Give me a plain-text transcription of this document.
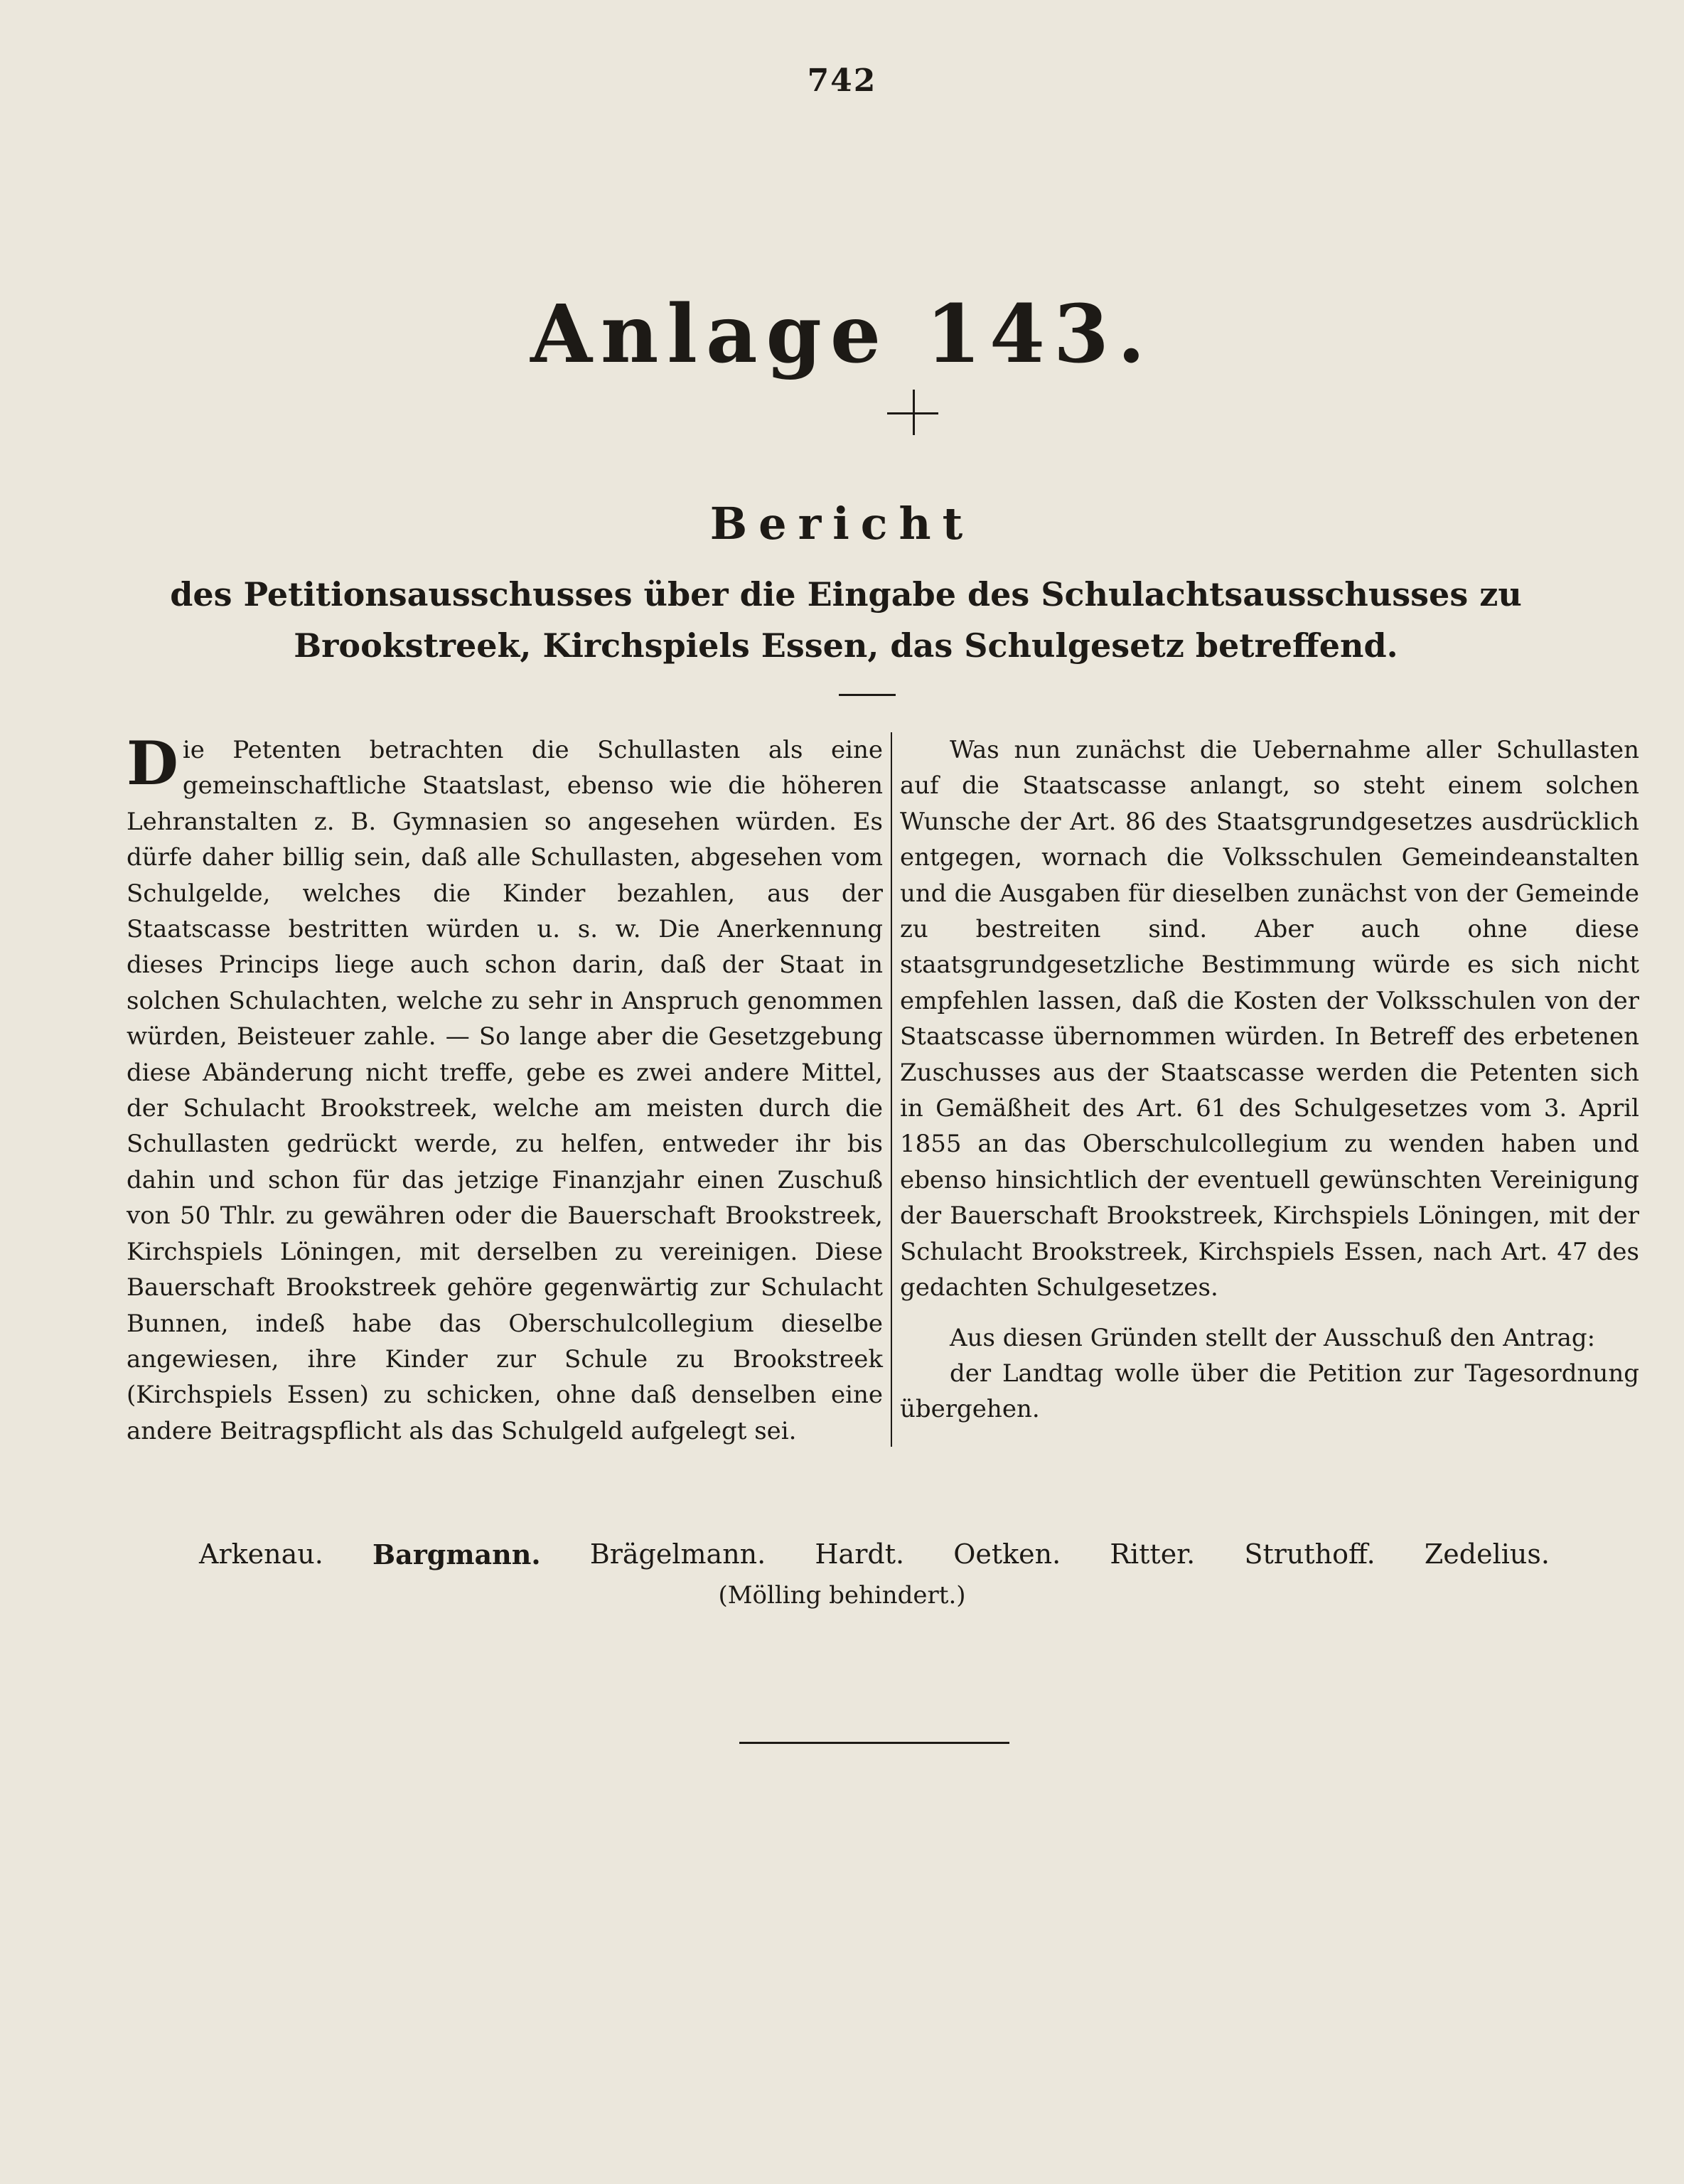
742
Anlage 143.
Bericht
des Petitionsausschusses über die Eingabe des Schulachtsausschusses zu Brookstreek, Kirchspiels Essen, das Schulgesetz betreffend.

Die Petenten betrachten die Schullasten als eine gemeinschaftliche Staatslast, ebenso wie die höheren Lehranstalten z. B. Gymnasien so angesehen würden. Es dürfe daher billig sein, daß alle Schullasten, abgesehen vom Schulgelde, welches die Kinder bezahlen, aus der Staatscasse bestritten würden u. s. w. Die Anerkennung dieses Princips liege auch schon darin, daß der Staat in solchen Schulachten, welche zu sehr in Anspruch genommen würden, Beisteuer zahle. — So lange aber die Gesetzgebung diese Abänderung nicht treffe, gebe es zwei andere Mittel, der Schulacht Brookstreek, welche am meisten durch die Schullasten gedrückt werde, zu helfen, entweder ihr bis dahin und schon für das jetzige Finanzjahr einen Zuschuß von 50 Thlr. zu gewähren oder die Bauerschaft Brookstreek, Kirchspiels Löningen, mit derselben zu vereinigen. Diese Bauerschaft Brookstreek gehöre gegenwärtig zur Schulacht Bunnen, indeß habe das Oberschulcollegium dieselbe angewiesen, ihre Kinder zur Schule zu Brookstreek (Kirchspiels Essen) zu schicken, ohne daß denselben eine andere Beitragspflicht als das Schulgeld aufgelegt sei.

Was nun zunächst die Uebernahme aller Schullasten auf die Staatscasse anlangt, so steht einem solchen Wunsche der Art. 86 des Staatsgrundgesetzes ausdrücklich entgegen, wornach die Volksschulen Gemeindeanstalten und die Ausgaben für dieselben zunächst von der Gemeinde zu bestreiten sind. Aber auch ohne diese staatsgrundgesetzliche Bestimmung würde es sich nicht empfehlen lassen, daß die Kosten der Volksschulen von der Staatscasse übernommen würden. In Betreff des erbetenen Zuschusses aus der Staatscasse werden die Petenten sich in Gemäßheit des Art. 61 des Schulgesetzes vom 3. April 1855 an das Oberschulcollegium zu wenden haben und ebenso hinsichtlich der eventuell gewünschten Vereinigung der Bauerschaft Brookstreek, Kirchspiels Löningen, mit der Schulacht Brookstreek, Kirchspiels Essen, nach Art. 47 des gedachten Schulgesetzes.

Aus diesen Gründen stellt der Ausschuß den Antrag:

der Landtag wolle über die Petition zur Tagesordnung übergehen.

Arkenau. Bargmann. Brägelmann. Hardt. Oetken. Ritter. Struthoff. Zedelius.
(Mölling behindert.)
